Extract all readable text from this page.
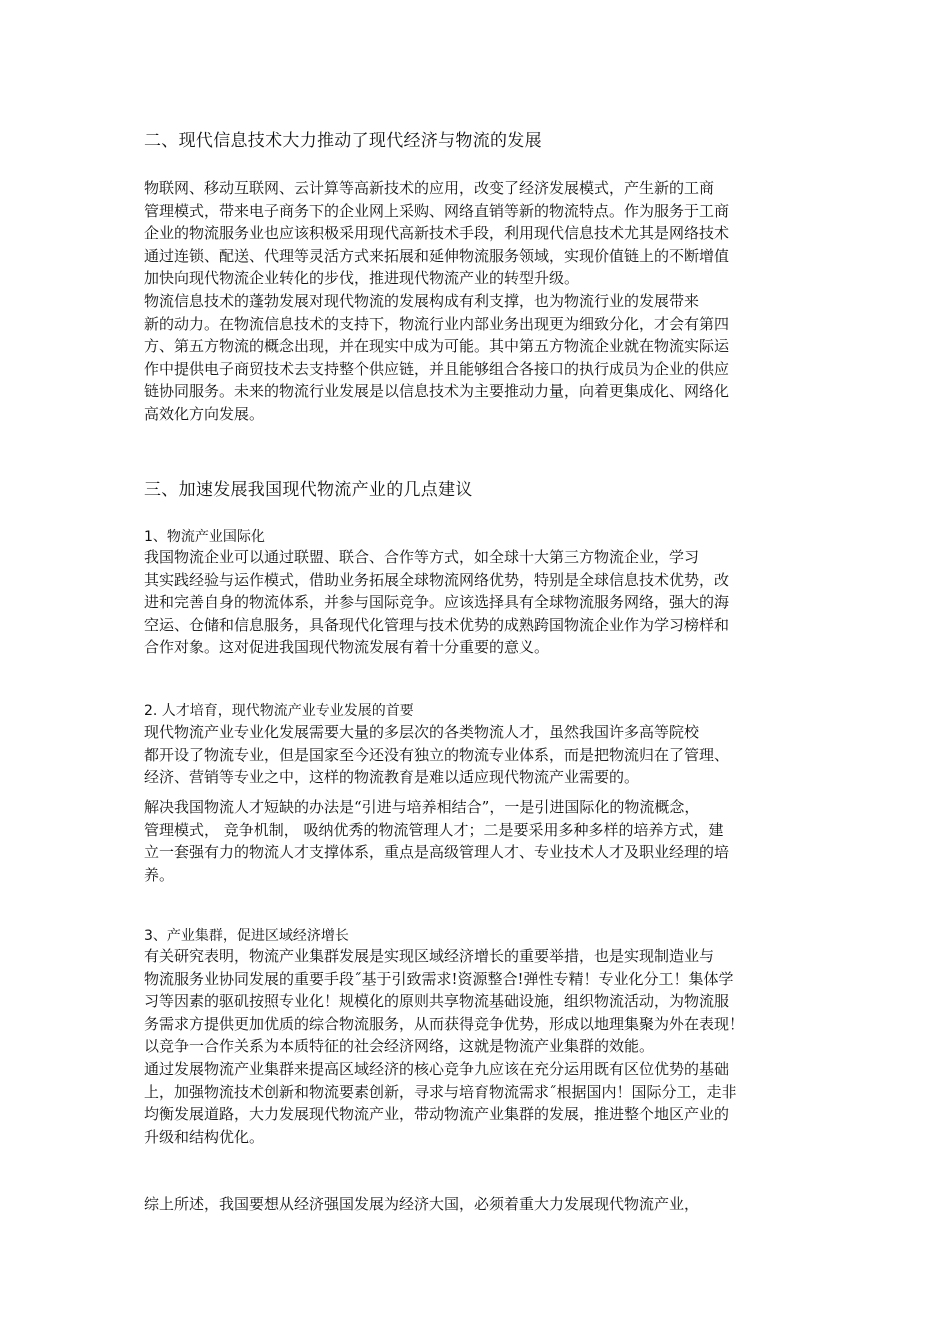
二、现代信息技术大力推动了现代经济与物流的发展
物联网、移动互联网、云计算等高新技术的应用，改变了经济发展模式，产生新的工商
管理模式，带来电子商务下的企业网上采购、网络直销等新的物流特点。作为服务于工商
企业的物流服务业也应该积极采用现代高新技术手段，利用现代信息技术尤其是网络技术
通过连锁、配送、代理等灵活方式来拓展和延伸物流服务领域，实现价值链上的不断增值
加快向现代物流企业转化的步伐，推进现代物流产业的转型升级。
物流信息技术的蓬勃发展对现代物流的发展构成有利支撑，也为物流行业的发展带来
新的动力。在物流信息技术的支持下，物流行业内部业务出现更为细致分化，才会有第四
方、第五方物流的概念出现，并在现实中成为可能。其中第五方物流企业就在物流实际运
作中提供电子商贸技术去支持整个供应链，并且能够组合各接口的执行成员为企业的供应
链协同服务。未来的物流行业发展是以信息技术为主要推动力量，向着更集成化、网络化
高效化方向发展。
三、加速发展我国现代物流产业的几点建议
1、物流产业国际化
我国物流企业可以通过联盟、联合、合作等方式，如全球十大第三方物流企业，学习
其实践经验与运作模式，借助业务拓展全球物流网络优势，特别是全球信息技术优势，改
进和完善自身的物流体系，并参与国际竞争。应该选择具有全球物流服务网络，强大的海
空运、仓储和信息服务，具备现代化管理与技术优势的成熟跨国物流企业作为学习榜样和
合作对象。这对促进我国现代物流发展有着十分重要的意义。
2. 人才培育，现代物流产业专业发展的首要
现代物流产业专业化发展需要大量的多层次的各类物流人才，虽然我国许多高等院校
都开设了物流专业，但是国家至今还没有独立的物流专业体系，而是把物流归在了管理、
经济、营销等专业之中，这样的物流教育是难以适应现代物流产业需要的。
解决我国物流人才短缺的办法是“引进与培养相结合”，一是引进国际化的物流概念，
管理模式， 竞争机制， 吸纳优秀的物流管理人才；二是要采用多种多样的培养方式，建
立一套强有力的物流人才支撑体系，重点是高级管理人才、专业技术人才及职业经理的培
养。
3、产业集群，促进区域经济增长
有关研究表明，物流产业集群发展是实现区域经济增长的重要举措，也是实现制造业与
物流服务业协同发展的重要手段˝基于引致需求!资源整合!弹性专精！专业化分工！集体学
习等因素的驱矶按照专业化！规模化的原则共享物流基础设施，组织物流活动，为物流服
务需求方提供更加优质的综合物流服务，从而获得竞争优势，形成以地理集聚为外在表现！
以竞争一合作关系为本质特征的社会经济网络，这就是物流产业集群的效能。
通过发展物流产业集群来提高区域经济的核心竞争九应该在充分运用既有区位优势的基础
上，加强物流技术创新和物流要素创新，寻求与培育物流需求˝根据国内！国际分工，走非
均衡发展道路，大力发展现代物流产业，带动物流产业集群的发展，推进整个地区产业的
升级和结构优化。
综上所述，我国要想从经济强国发展为经济大国，必须着重大力发展现代物流产业，
